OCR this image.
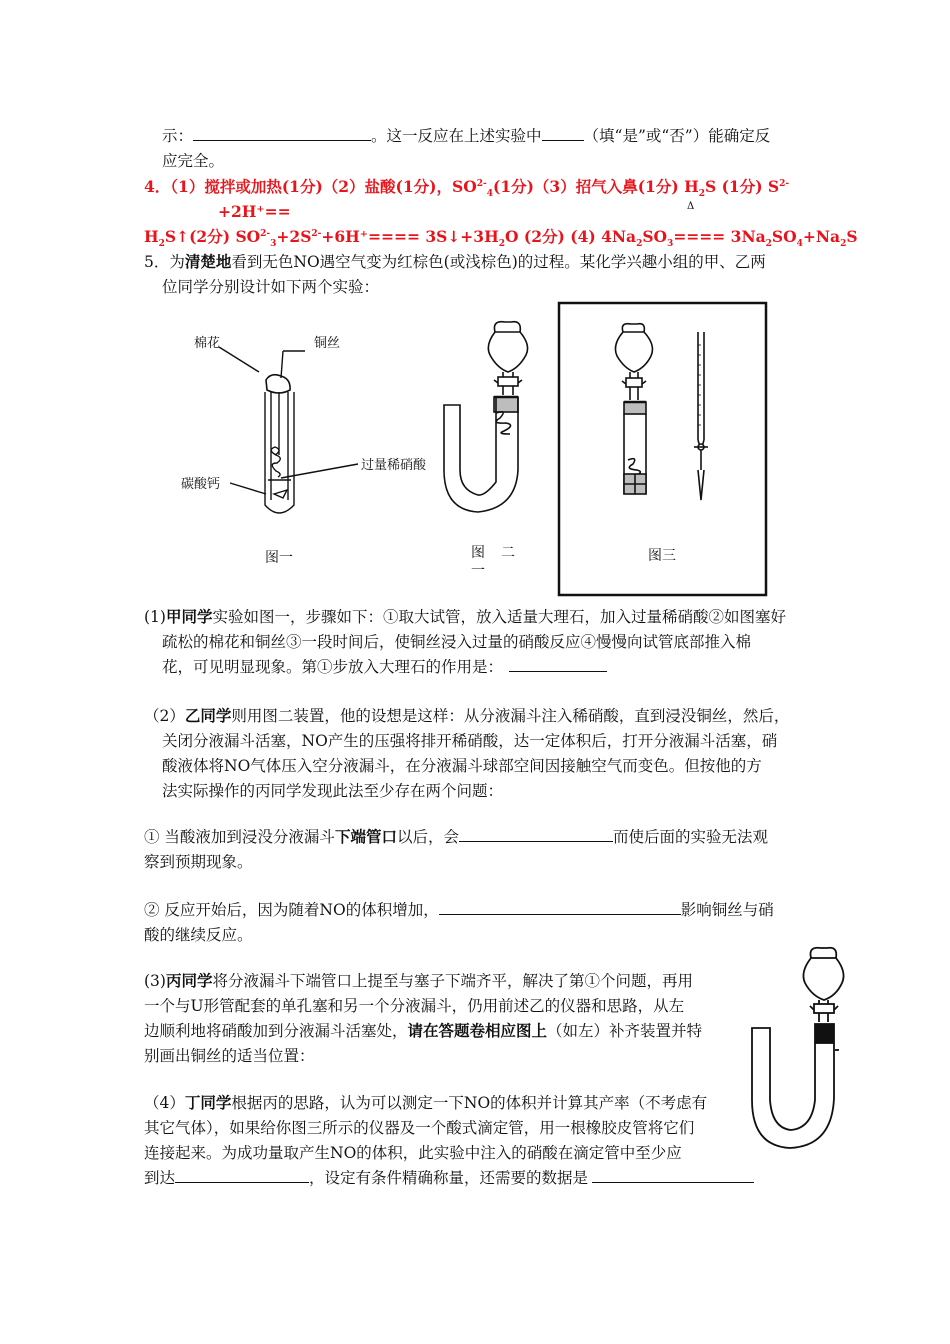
示：	。这一反应在上述实验中	（填“是”或“否”）能确定反
应完全。
4．（1）搅拌或加热(1分)（2）盐酸(1分)，$SO^{2-}_4(1$分)（3）招气入鼻(1分) $H_2S$ (1分) $S^{2-}$
Δ
+2H⁺==
$H_2S↑(2$分) $SO^{2-}_3+2S^{2-}+6H^+====$ $3S↓+3H_2O$ (2分) (4) $4Na_2SO_3==== 3Na_2SO_4+Na_2S$
5．为清楚地看到无色NO遇空气变为红棕色(或浅棕色)的过程。某化学兴趣小组的甲、乙两
位同学分别设计如下两个实验：
棉花	铜丝
过量稀硝酸
碳酸钙
图一	图 二
一
图三
(1)甲同学实验如图一，步骤如下：①取大试管，放入适量大理石，加入过量稀硝酸②如图塞好
疏松的棉花和铜丝③一段时间后，使铜丝浸入过量的硝酸反应④慢慢向试管底部推入棉
花，可见明显现象。第①步放入大理石的作用是：
（2）乙同学则用图二装置，他的设想是这样：从分液漏斗注入稀硝酸，直到浸没铜丝，然后，
关闭分液漏斗活塞，NO产生的压强将排开稀硝酸，达一定体积后，打开分液漏斗活塞，硝
酸液体将NO气体压入空分液漏斗，在分液漏斗球部空间因接触空气而变色。但按他的方
法实际操作的丙同学发现此法至少存在两个问题：
① 当酸液加到浸没分液漏斗下端管口以后，会	而使后面的实验无法观
察到预期现象。
② 反应开始后，因为随着NO的体积增加，	影响铜丝与硝
酸的继续反应。
(3)丙同学将分液漏斗下端管口上提至与塞子下端齐平，解决了第①个问题，再用
一个与U形管配套的单孔塞和另一个分液漏斗，仍用前述乙的仪器和思路，从左
边顺利地将硝酸加到分液漏斗活塞处，请在答题卷相应图上（如左）补齐装置并特
别画出铜丝的适当位置：
（4）丁同学根据丙的思路，认为可以测定一下NO的体积并计算其产率（不考虑有
其它气体），如果给你图三所示的仪器及一个酸式滴定管，用一根橡胶皮管将它们
连接起来。为成功量取产生NO的体积，此实验中注入的硝酸在滴定管中至少应
到达	，设定有条件精确称量，还需要的数据是
